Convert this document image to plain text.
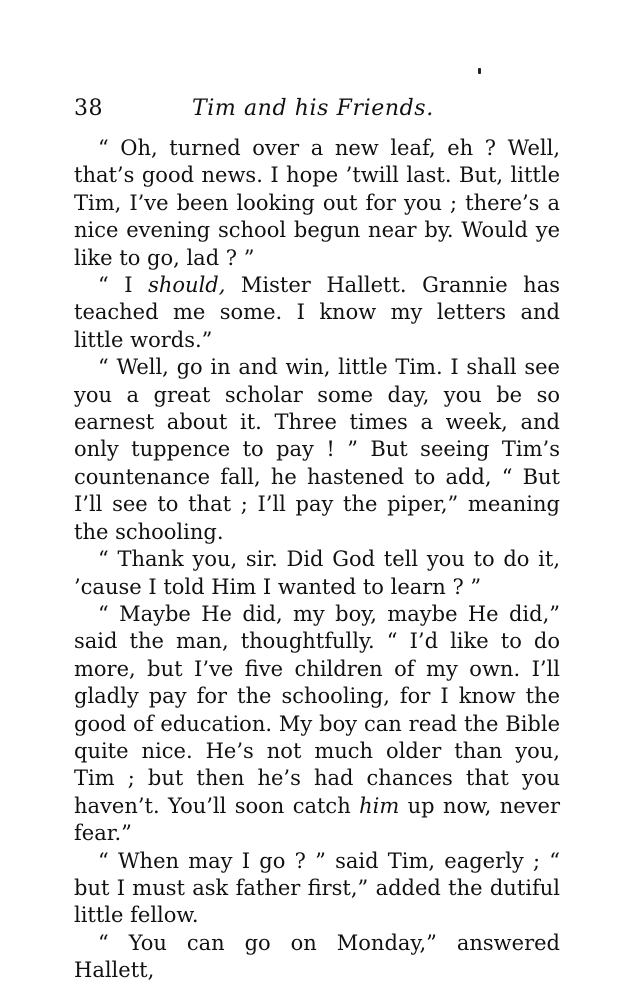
38	Tim and his Friends.

“ Oh, turned over a new leaf, eh ? Well, that’s good news. I hope ’twill last. But, little Tim, I’ve been looking out for you ; there’s a nice evening school begun near by. Would ye like to go, lad ? ”

“ I should, Mister Hallett. Grannie has teached me some. I know my letters and little words.”

“ Well, go in and win, little Tim. I shall see you a great scholar some day, you be so earnest about it. Three times a week, and only tuppence to pay ! ” But seeing Tim’s countenance fall, he hastened to add, “ But I’ll see to that ; I’ll pay the piper,” meaning the schooling.

“ Thank you, sir. Did God tell you to do it, ’cause I told Him I wanted to learn ? ”

“ Maybe He did, my boy, maybe He did,” said the man, thoughtfully. “ I’d like to do more, but I’ve five children of my own. I’ll gladly pay for the schooling, for I know the good of education. My boy can read the Bible quite nice. He’s not much older than you, Tim ; but then he’s had chances that you haven’t. You’ll soon catch him up now, never fear.”

“ When may I go ? ” said Tim, eagerly ; “ but I must ask father first,” added the dutiful little fellow.

“ You can go on Monday,” answered Hallett,
